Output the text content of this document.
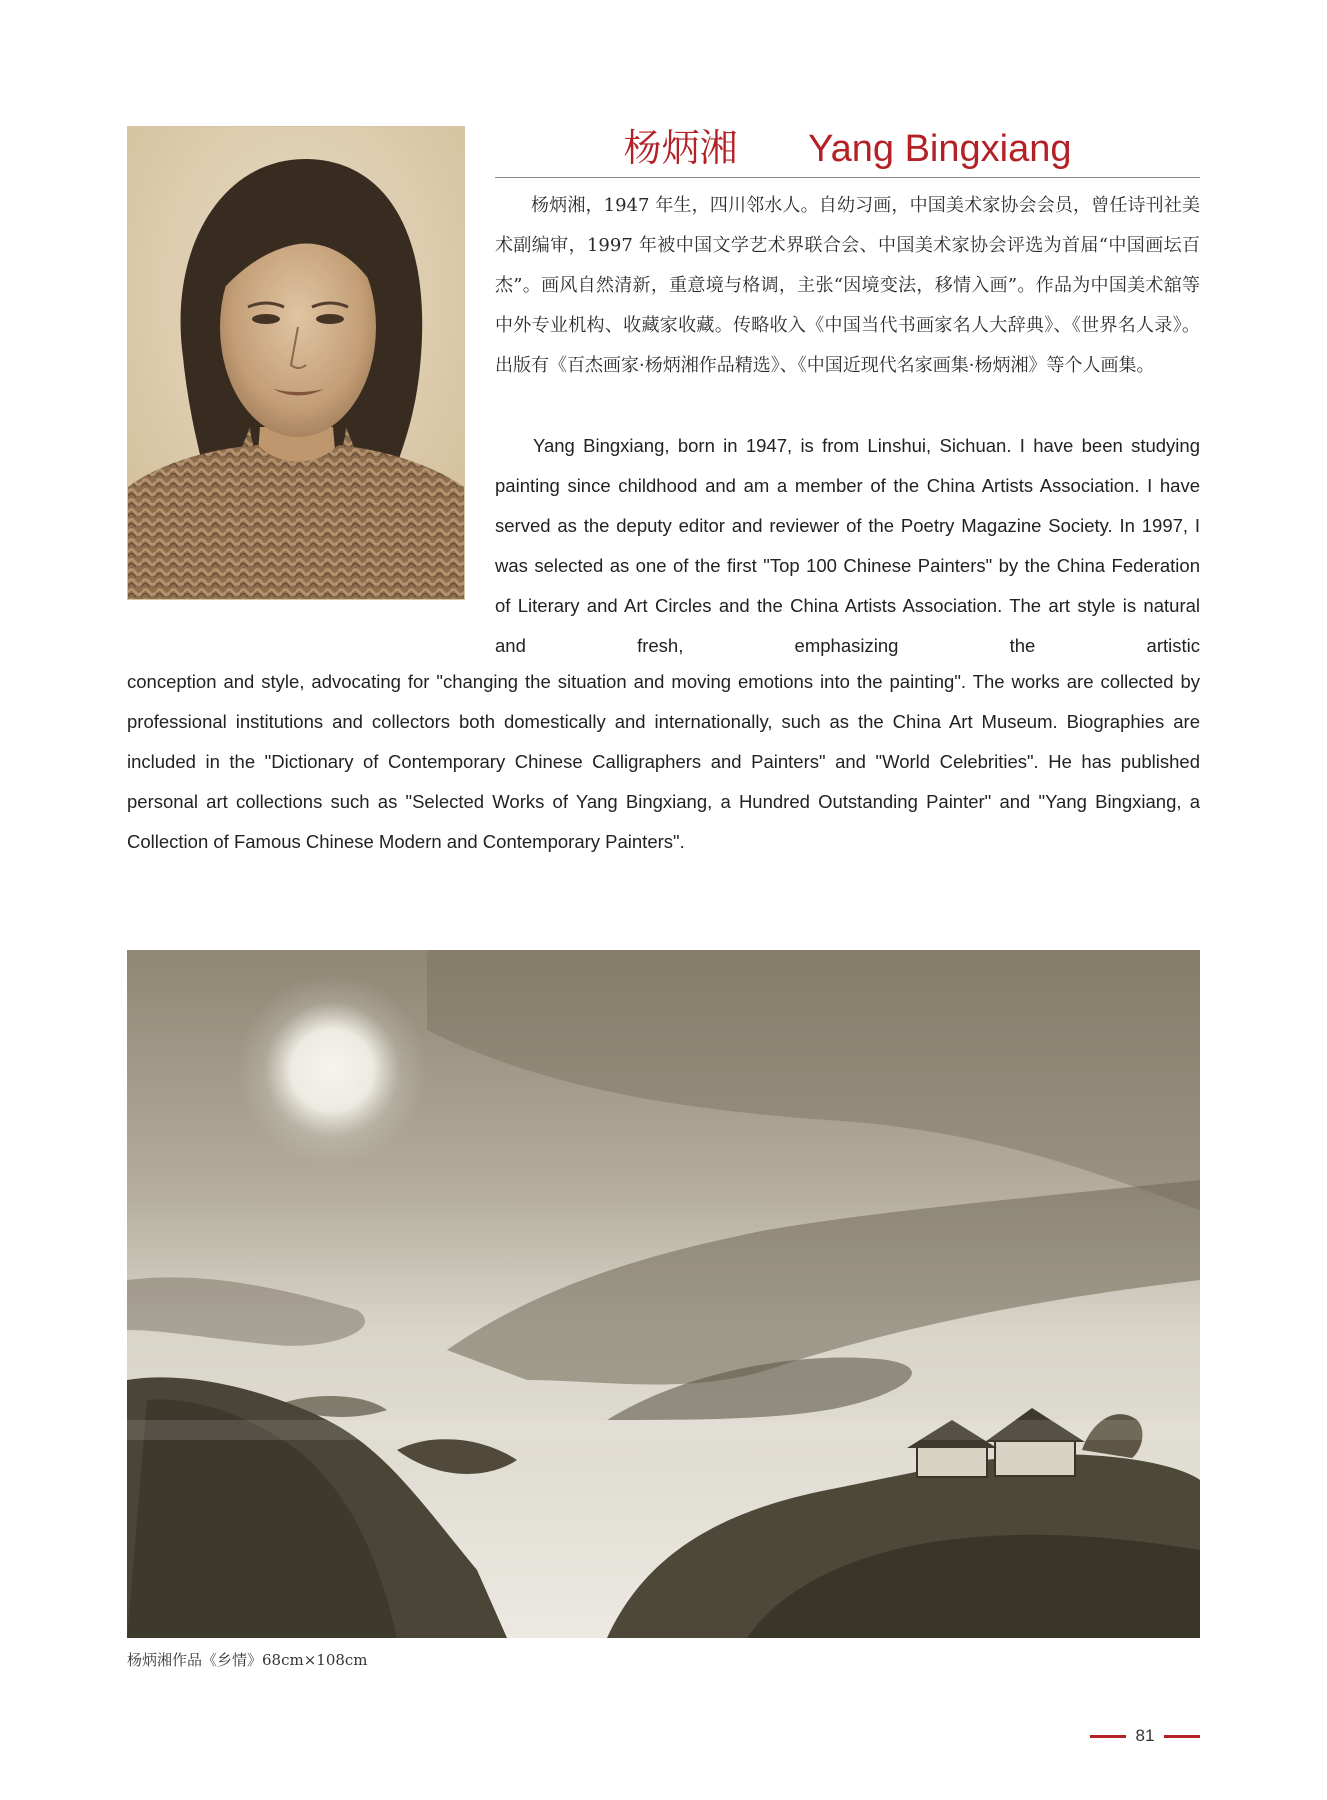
杨炳湘 Yang Bingxiang

杨炳湘，1947 年生，四川邻水人。自幼习画，中国美术家协会会员，曾任诗刊社美术副编审，1997 年被中国文学艺术界联合会、中国美术家协会评选为首届“中国画坛百杰”。画风自然清新，重意境与格调，主张“因境变法，移情入画”。作品为中国美术舘等中外专业机构、收藏家收藏。传略收入《中国当代书画家名人大辞典》、《世界名人录》。出版有《百杰画家·杨炳湘作品精选》、《中国近现代名家画集·杨炳湘》等个人画集。

Yang Bingxiang, born in 1947, is from Linshui, Sichuan. I have been studying painting since childhood and am a member of the China Artists Association. I have served as the deputy editor and reviewer of the Poetry Magazine Society. In 1997, I was selected as one of the first "Top 100 Chinese Painters" by the China Federation of Literary and Art Circles and the China Artists Association. The art style is natural and fresh, emphasizing the artistic

conception and style, advocating for "changing the situation and moving emotions into the painting". The works are collected by professional institutions and collectors both domestically and internationally, such as the China Art Museum. Biographies are included in the "Dictionary of Contemporary Chinese Calligraphers and Painters" and "World Celebrities". He has published personal art collections such as "Selected Works of Yang Bingxiang, a Hundred Outstanding Painter" and "Yang Bingxiang, a Collection of Famous Chinese Modern and Contemporary Painters".

杨炳湘作品《乡情》68cm×108cm
81
